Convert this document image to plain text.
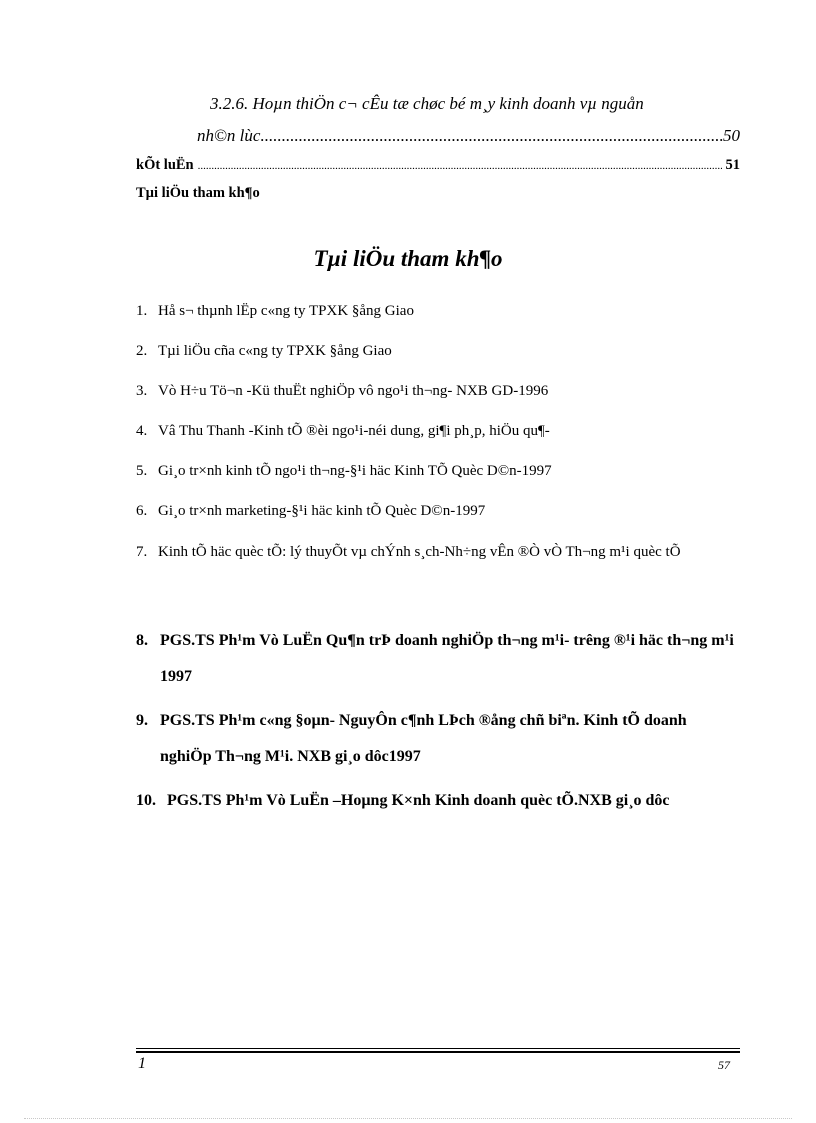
3.2.6. Hoµn thiÖn c¬ cÊu tæ chøc bé m¸y kinh doanh vµ nguån
nh©n lùc .....	50
kÕt luËn .....	51
Tµi liÖu tham kh¶o
Tµi liÖu tham kh¶o
1. Hå s¬ thµnh lËp c«ng ty TPXK §ång Giao
2. Tµi liÖu cña c«ng ty TPXK §ång Giao
3. Vò H÷u Tö¬n -Kü thuËt nghiÖp vô ngo¹i th¬ng- NXB GD-1996
4. Vâ Thu Thanh -Kinh tÕ ®èi ngo¹i-néi dung, gi¶i ph¸p, hiÖu qu¶-
5. Gi¸o tr×nh kinh tÕ ngo¹i th¬ng-§¹i häc Kinh TÕ Quèc D©n-1997
6. Gi¸o tr×nh marketing-§¹i häc kinh tÕ Quèc D©n-1997
7. Kinh tÕ häc quèc tÕ: lý thuyÕt vµ chÝnh s¸ch-Nh÷ng vÊn ®Ò vÒ Th¬ng m¹i quèc tÕ
8. PGS.TS Ph¹m Vò LuËn Qu¶n trÞ doanh nghiÖp th¬ng m¹i- trêng ®¹i häc th¬ng m¹i 1997
9. PGS.TS Ph¹m c«ng §oµn- NguyÔn c¶nh LÞch ®ång chñ biªn. Kinh tÕ doanh nghiÖp Th¬ng M¹i. NXB gi¸o dôc1997
10. PGS.TS Ph¹m Vò LuËn –Hoµng K×nh Kinh doanh quèc tÕ.NXB gi¸o dôc
1	57
